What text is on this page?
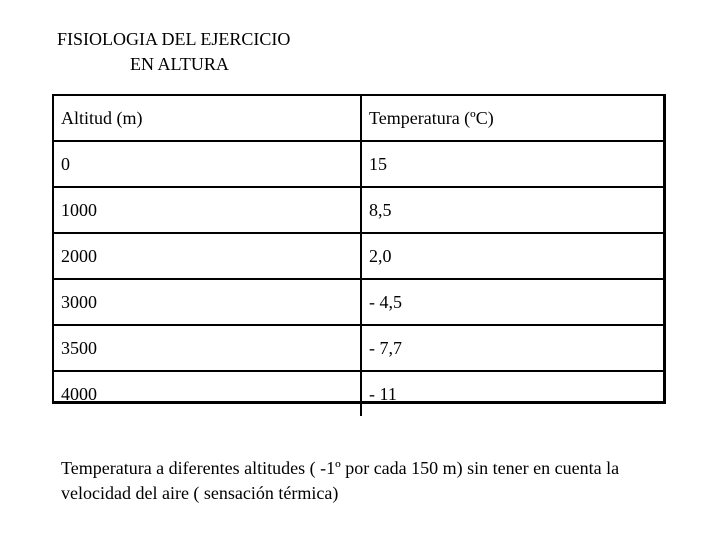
FISIOLOGIA DEL EJERCICIO
EN ALTURA
Altitud (m)	Temperatura (ºC)
0	15
1000	8,5
2000	2,0
3000	- 4,5
3500	- 7,7
4000	- 11
Temperatura a diferentes altitudes ( -1º por cada 150 m) sin tener en cuenta la velocidad del aire ( sensación térmica)
